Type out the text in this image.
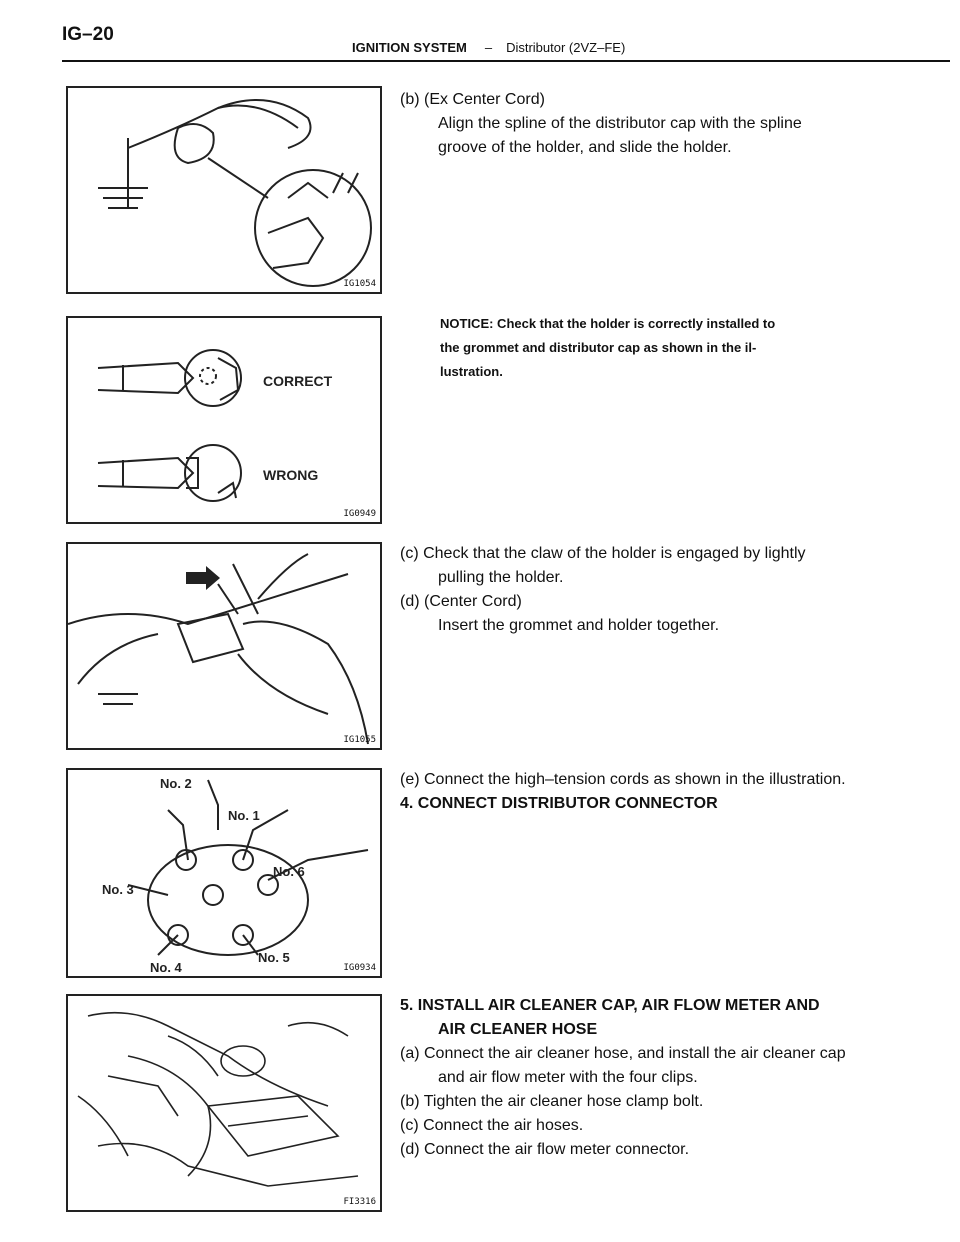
IG–20
IGNITION SYSTEM – Distributor (2VZ–FE)
IG1054

(b) (Ex Center Cord)

Align the spline of the distributor cap with the spline

groove of the holder, and slide the holder.

CORRECT
WRONG
IG0949

NOTICE: Check that the holder is correctly installed to

the grommet and distributor cap as shown in the il-

lustration.

IG1055

(c) Check that the claw of the holder is engaged by lightly

pulling the holder.

(d) (Center Cord)

Insert the grommet and holder together.

No. 2
No. 1
No. 6
No. 3
No. 4
No. 5
IG0934

(e) Connect the high–tension cords as shown in the illustration.

4. CONNECT DISTRIBUTOR CONNECTOR

FI3316

5. INSTALL AIR CLEANER CAP, AIR FLOW METER AND

AIR CLEANER HOSE

(a) Connect the air cleaner hose, and install the air cleaner cap

and air flow meter with the four clips.

(b) Tighten the air cleaner hose clamp bolt.

(c) Connect the air hoses.

(d) Connect the air flow meter connector.
